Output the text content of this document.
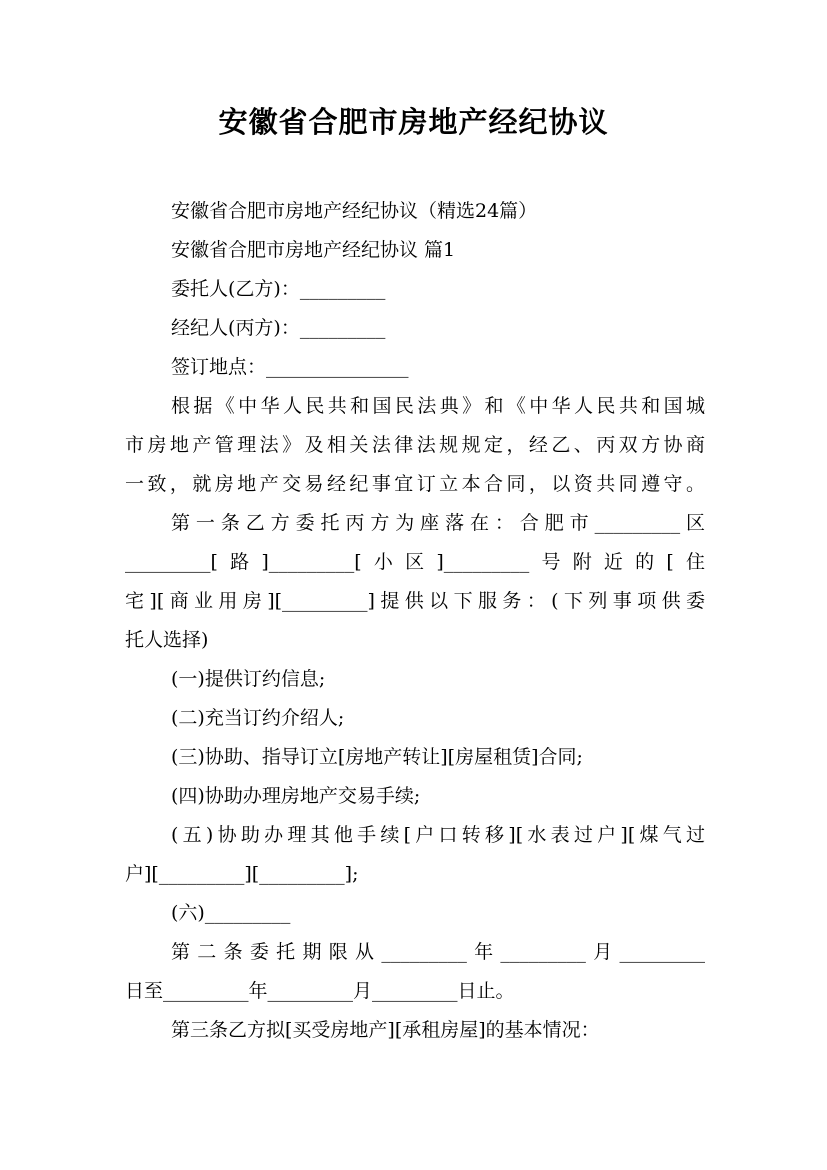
安徽省合肥市房地产经纪协议
安徽省合肥市房地产经纪协议（精选24篇）
安徽省合肥市房地产经纪协议 篇1
委托人(乙方)：_________
经纪人(丙方)：_________
签订地点：_______________
根据《中华人民共和国民法典》和《中华人民共和国城
市房地产管理法》及相关法律法规规定，经乙、丙双方协商
一致，就房地产交易经纪事宜订立本合同，以资共同遵守。
第一条乙方委托丙方为座落在：合肥市_________区
_________[路]_________[小区]_________号附近的[住
宅][商业用房][_________]提供以下服务：(下列事项供委
托人选择)
(一)提供订约信息;
(二)充当订约介绍人;
(三)协助、指导订立[房地产转让][房屋租赁]合同;
(四)协助办理房地产交易手续;
(五)协助办理其他手续[户口转移][水表过户][煤气过
户][_________][_________];
(六)_________
第二条委托期限从_________年_________月_________
日至_________年_________月_________日止。
第三条乙方拟[买受房地产][承租房屋]的基本情况：
